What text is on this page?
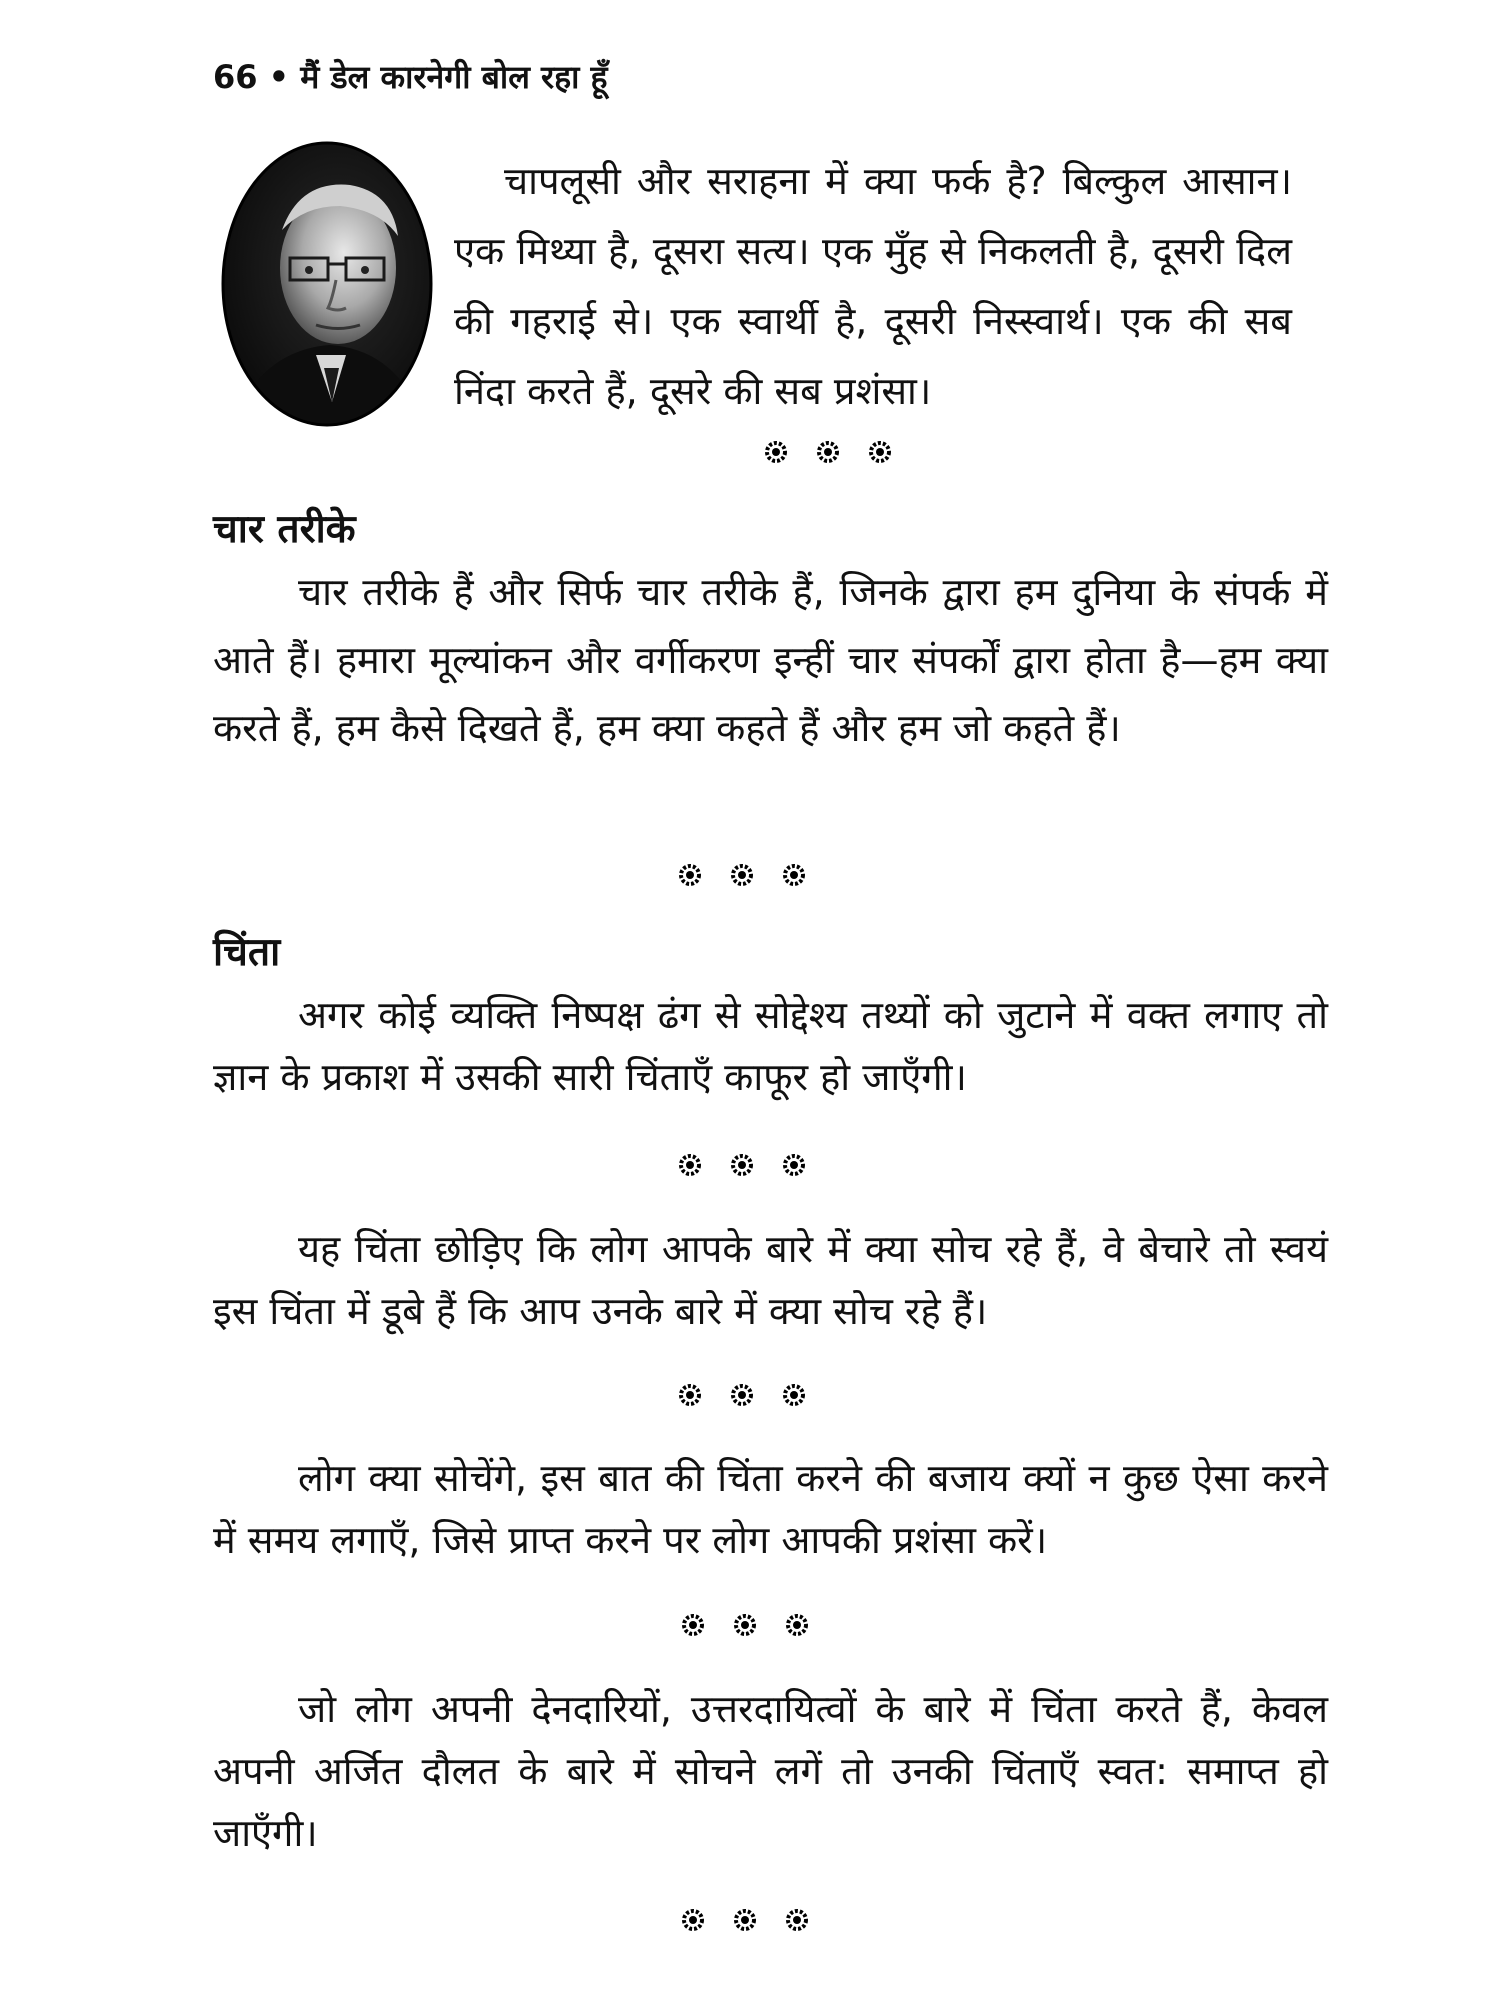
66 • मैं डेल कारनेगी बोल रहा हूँ
चापलूसी और सराहना में क्या फर्क है? बिल्कुल आसान। एक मिथ्या है, दूसरा सत्य। एक मुँह से निकलती है, दूसरी दिल की गहराई से। एक स्वार्थी है, दूसरी निस्स्वार्थ। एक की सब निंदा करते हैं, दूसरे की सब प्रशंसा।
चार तरीके
चार तरीके हैं और सिर्फ चार तरीके हैं, जिनके द्वारा हम दुनिया के संपर्क में आते हैं। हमारा मूल्यांकन और वर्गीकरण इन्हीं चार संपर्कों द्वारा होता है—हम क्या करते हैं, हम कैसे दिखते हैं, हम क्या कहते हैं और हम जो कहते हैं।
चिंता
अगर कोई व्यक्ति निष्पक्ष ढंग से सोद्देश्य तथ्यों को जुटाने में वक्त लगाए तो ज्ञान के प्रकाश में उसकी सारी चिंताएँ काफूर हो जाएँगी।
यह चिंता छोड़िए कि लोग आपके बारे में क्या सोच रहे हैं, वे बेचारे तो स्वयं इस चिंता में डूबे हैं कि आप उनके बारे में क्या सोच रहे हैं।
लोग क्या सोचेंगे, इस बात की चिंता करने की बजाय क्यों न कुछ ऐसा करने में समय लगाएँ, जिसे प्राप्त करने पर लोग आपकी प्रशंसा करें।
जो लोग अपनी देनदारियों, उत्तरदायित्वों के बारे में चिंता करते हैं, केवल अपनी अर्जित दौलत के बारे में सोचने लगें तो उनकी चिंताएँ स्वत: समाप्त हो जाएँगी।
